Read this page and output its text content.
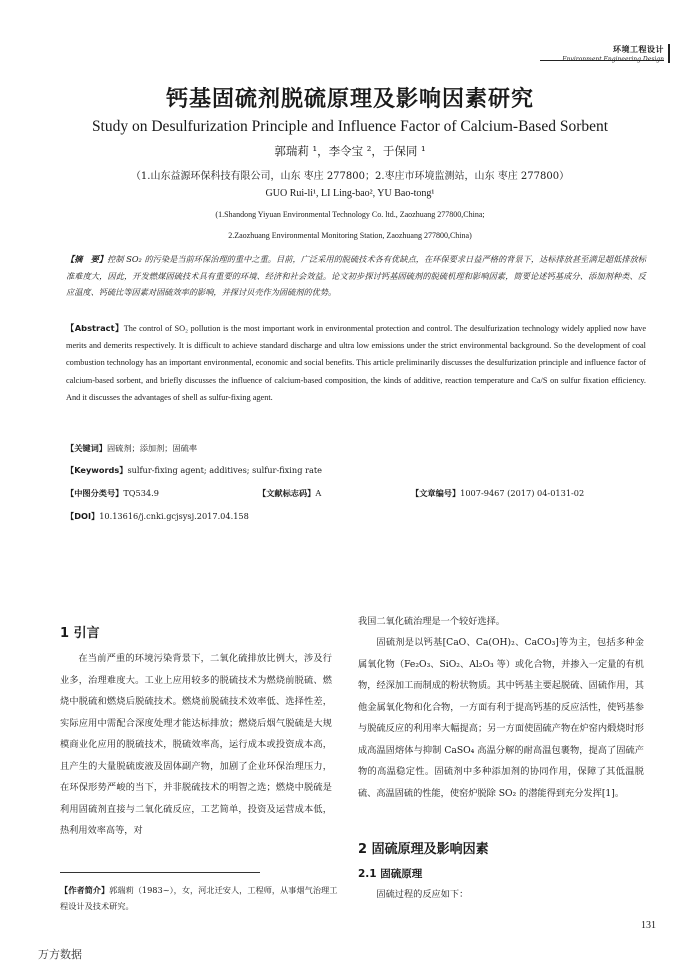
环境工程设计
Environment Engineering Design
钙基固硫剂脱硫原理及影响因素研究
Study on Desulfurization Principle and Influence Factor of Calcium-Based Sorbent
郭瑞莉 ¹，李令宝 ²，于保同 ¹
（1.山东益源环保科技有限公司，山东 枣庄 277800；2.枣庄市环境监测站，山东 枣庄 277800）
GUO Rui-li¹, LI Ling-bao², YU Bao-tong¹
(1.Shandong Yiyuan Environmental Technology Co. ltd., Zaozhuang 277800,China;
2.Zaozhuang Environmental Monitoring Station, Zaozhuang 277800,China)
【摘　要】控制 SO₂ 的污染是当前环保治理的重中之重。目前，广泛采用的脱硫技术各有优缺点，在环保要求日益严格的背景下，达标排放甚至满足超低排放标准难度大，因此，开发燃煤固硫技术具有重要的环境、经济和社会效益。论文初步探讨钙基固硫剂的脱硫机理和影响因素，简要论述钙基成分、添加剂种类、反应温度、钙硫比等因素对固硫效率的影响，并探讨贝壳作为固硫剂的优势。
【Abstract】The control of SO₂ pollution is the most important work in environmental protection and control. The desulfurization technology widely applied now have merits and demerits respectively. It is difficult to achieve standard discharge and ultra low emissions under the strict environmental background. So the development of coal combustion technology has an important environmental, economic and social benefits. This article preliminarily discusses the desulfurization principle and influence factor of calcium-based sorbent, and briefly discusses the influence of calcium-based composition, the kinds of additive, reaction temperature and Ca/S on sulfur fixation efficiency. And it discusses the advantages of shell as sulfur-fixing agent.
【关键词】固硫剂；添加剂；固硫率
【Keywords】sulfur-fixing agent; additives; sulfur-fixing rate
【中图分类号】TQ534.9	【文献标志码】A	【文章编号】1007-9467 (2017) 04-0131-02
【DOI】10.13616/j.cnki.gcjsysj.2017.04.158
1 引言
在当前严重的环境污染背景下，二氧化硫排放比例大，涉及行业多，治理难度大。工业上应用较多的脱硫技术为燃烧前脱硫、燃烧中脱硫和燃烧后脱硫技术。燃烧前脱硫技术效率低、选择性差，实际应用中需配合深度处理才能达标排放；燃烧后烟气脱硫是大规模商业化应用的脱硫技术，脱硫效率高，运行成本或投资成本高，且产生的大量脱硫废液及固体副产物，加剧了企业环保治理压力，在环保形势严峻的当下，并非脱硫技术的明智之选；燃烧中脱硫是利用固硫剂直接与二氧化硫反应，工艺简单，投资及运营成本低，热利用效率高等，对
我国二氧化硫治理是一个较好选择。
固硫剂是以钙基[CaO、Ca(OH)₂、CaCO₃]等为主，包括多种金属氧化物（Fe₂O₃、SiO₂、Al₂O₃ 等）或化合物，并掺入一定量的有机物，经深加工而制成的粉状物质。其中钙基主要起脱硫、固硫作用，其他金属氧化物和化合物，一方面有利于提高钙基的反应活性，使钙基参与脱硫反应的利用率大幅提高；另一方面使固硫产物在炉窑内煅烧时形成高温固熔体与抑制 CaSO₄ 高温分解的耐高温包裹物，提高了固硫产物的高温稳定性。固硫剂中多种添加剂的协同作用，保障了其低温脱硫、高温固硫的性能，使窑炉脱除 SO₂ 的潜能得到充分发挥[1]。
2 固硫原理及影响因素
2.1 固硫原理
固硫过程的反应如下：
【作者简介】郭瑞莉（1983~），女，河北迁安人，工程师，从事烟气治理工程设计及技术研究。
131
万方数据
